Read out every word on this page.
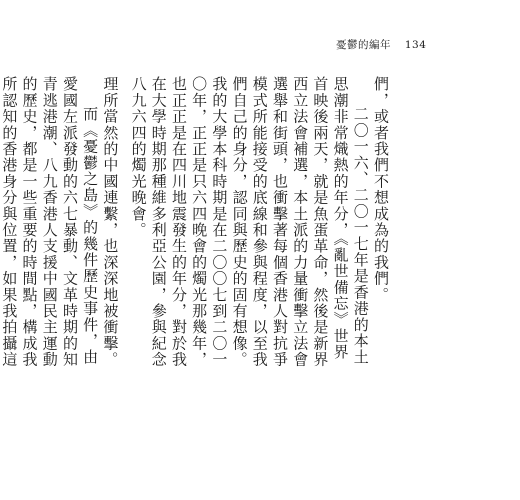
憂鬱的編年 134

們，或者我們不想成為的我們。

二〇一六、二〇一七年是香港的本土思潮非常熾熱的年分，《亂世備忘》世界首映後兩天，就是魚蛋革命，然後是新界西立法會補選，本土派的力量衝擊立法會選舉和街頭，也衝擊著每個香港人對抗爭模式所能接受的底線和參與程度，以至我們自己的身分，認同與歷史的固有想像。我的大學本科時期是在二〇〇七到二〇一〇年，正正是只六四晚會的燭光那幾年，也正正是在四川地震發生的年分，對於我在大學時期那種維多利亞公園，參與紀念八九六四的燭光晚會。

理所當然的中國連繫，也深深地被衝擊。

而《憂鬱之島》的幾件歷史事件，由愛國左派發動的六七暴動、文革時期的知青逃港潮、八九香港人支援中國民主運動的歷史，都是一些重要的時間點，構成我所認知的香港身分與位置，如果我拍攝這
